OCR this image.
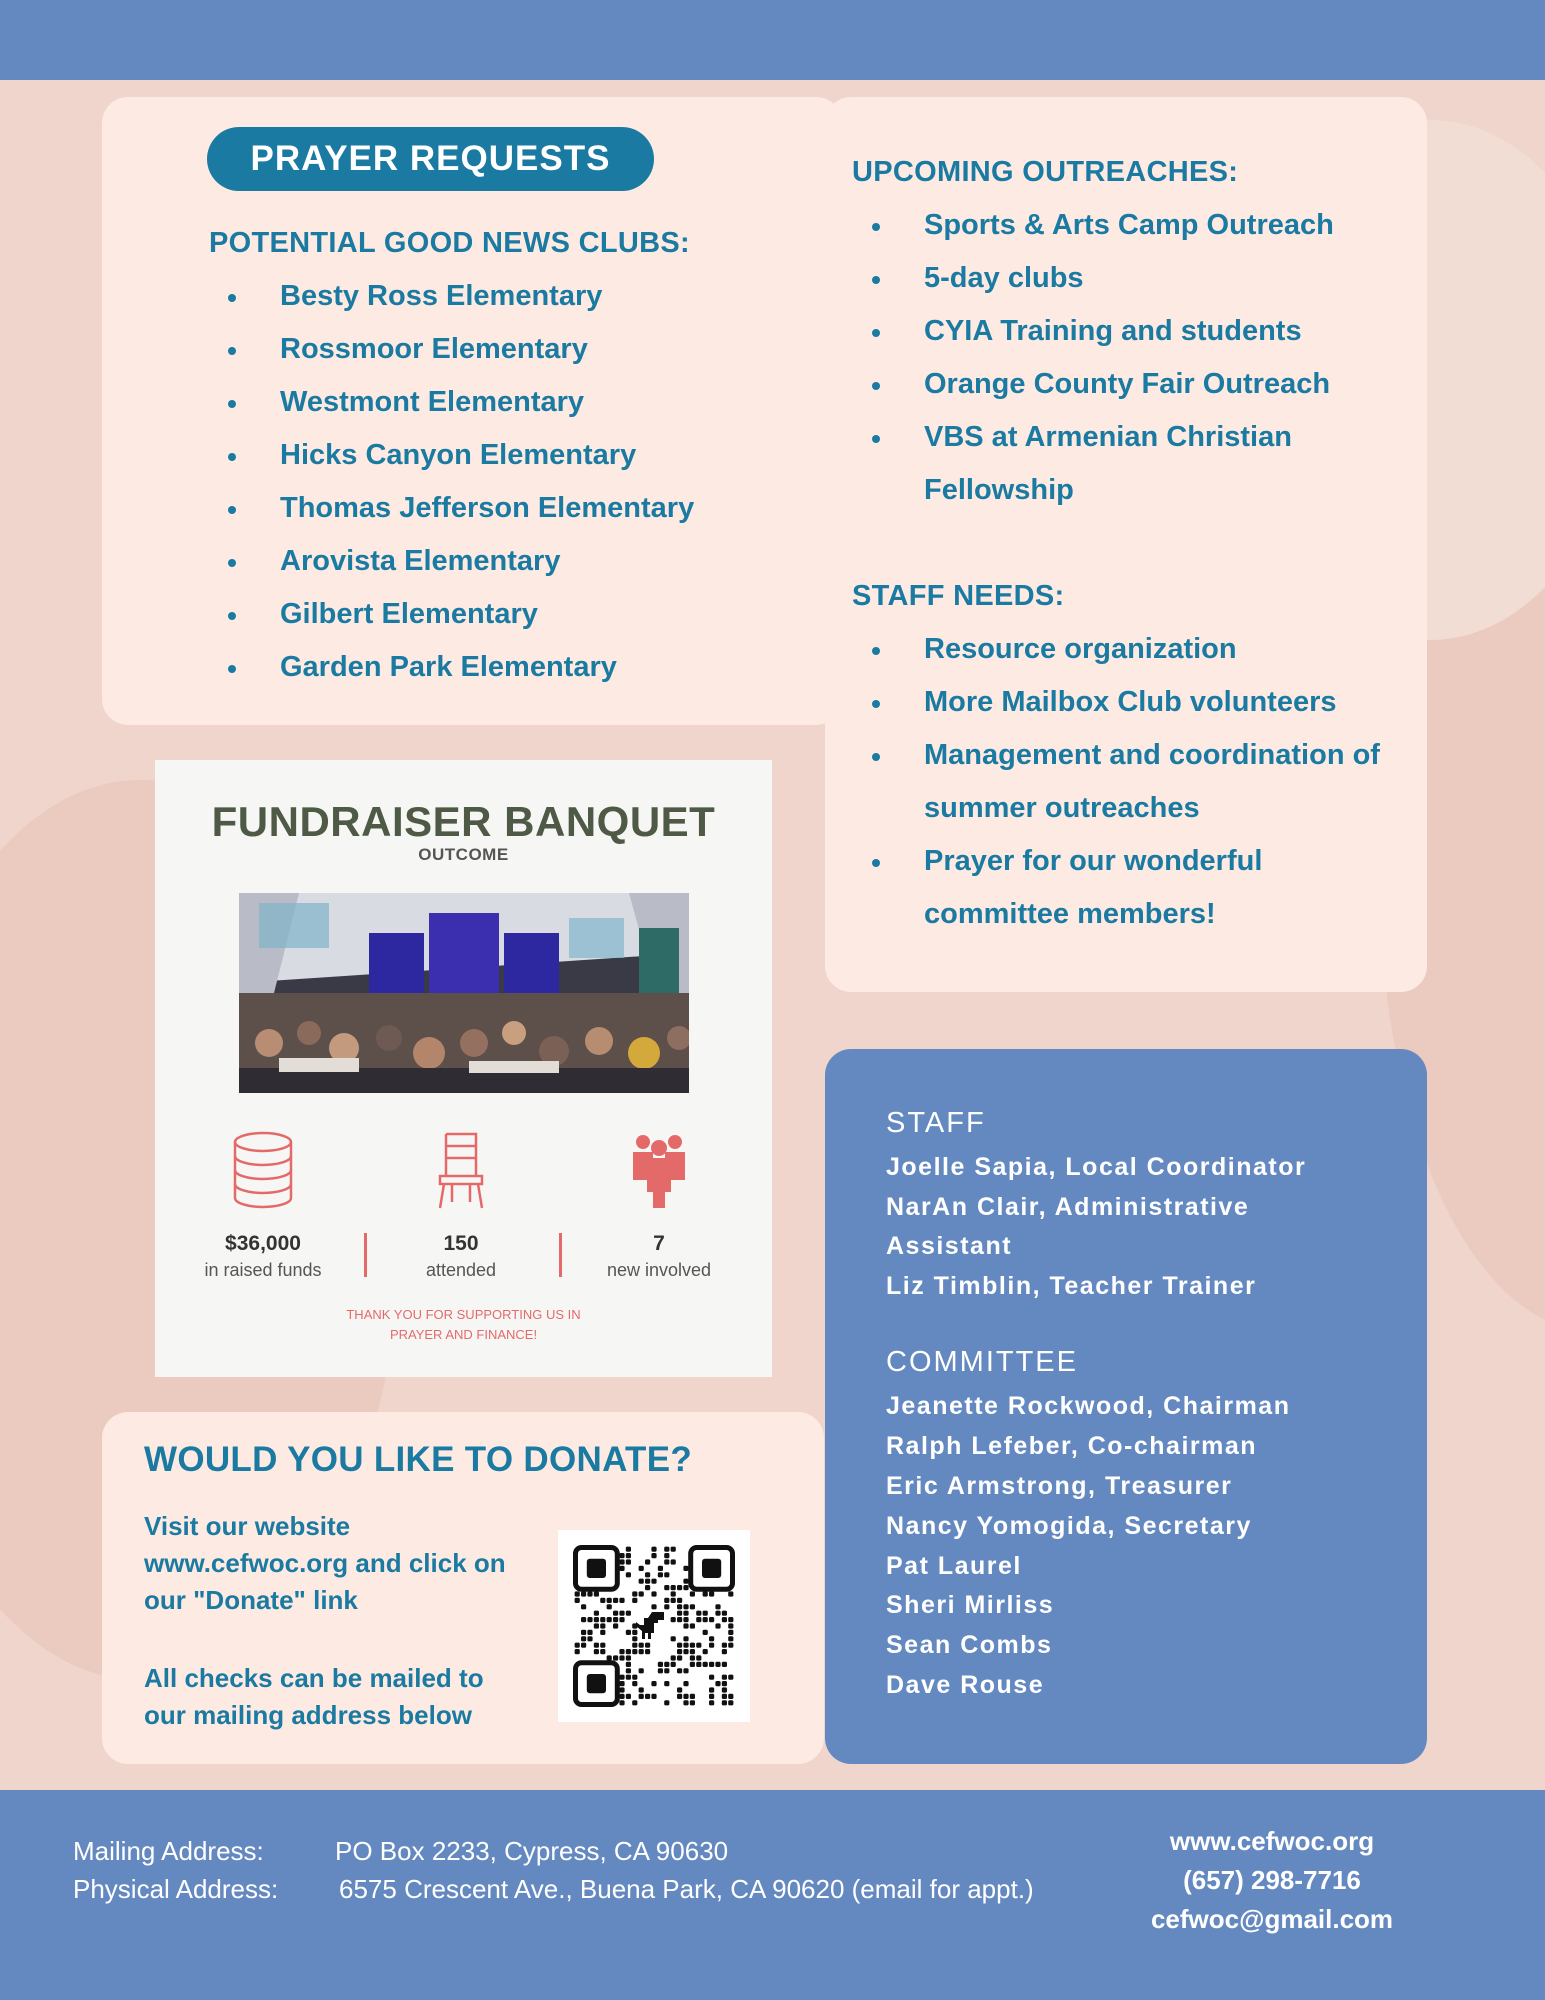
PRAYER REQUESTS
POTENTIAL GOOD NEWS CLUBS:
Besty Ross Elementary
Rossmoor Elementary
Westmont Elementary
Hicks Canyon Elementary
Thomas Jefferson Elementary
Arovista Elementary
Gilbert Elementary
Garden Park Elementary
UPCOMING OUTREACHES:
Sports & Arts Camp Outreach
5-day clubs
CYIA Training and students
Orange County Fair Outreach
VBS at Armenian Christian
Fellowship
STAFF NEEDS:
Resource organization
More Mailbox Club volunteers
Management and coordination of
summer outreaches
Prayer for our wonderful
committee members!
FUNDRAISER BANQUET
OUTCOME
$36,000
in raised funds
150
attended
7
new involved
THANK YOU FOR SUPPORTING US IN
PRAYER AND FINANCE!
WOULD YOU LIKE TO DONATE?
Visit our website
www.cefwoc.org and click on
our "Donate" link
All checks can be mailed to
our mailing address below
STAFF
Joelle Sapia, Local Coordinator
NarAn Clair, Administrative
Assistant
Liz Timblin, Teacher Trainer
COMMITTEE
Jeanette Rockwood, Chairman
Ralph Lefeber, Co-chairman
Eric Armstrong, Treasurer
Nancy Yomogida, Secretary
Pat Laurel
Sheri Mirliss
Sean Combs
Dave Rouse
Mailing Address:	PO Box 2233, Cypress, CA 90630
Physical Address: 6575 Crescent Ave., Buena Park, CA 90620 (email for appt.)
www.cefwoc.org
(657) 298-7716
cefwoc@gmail.com
